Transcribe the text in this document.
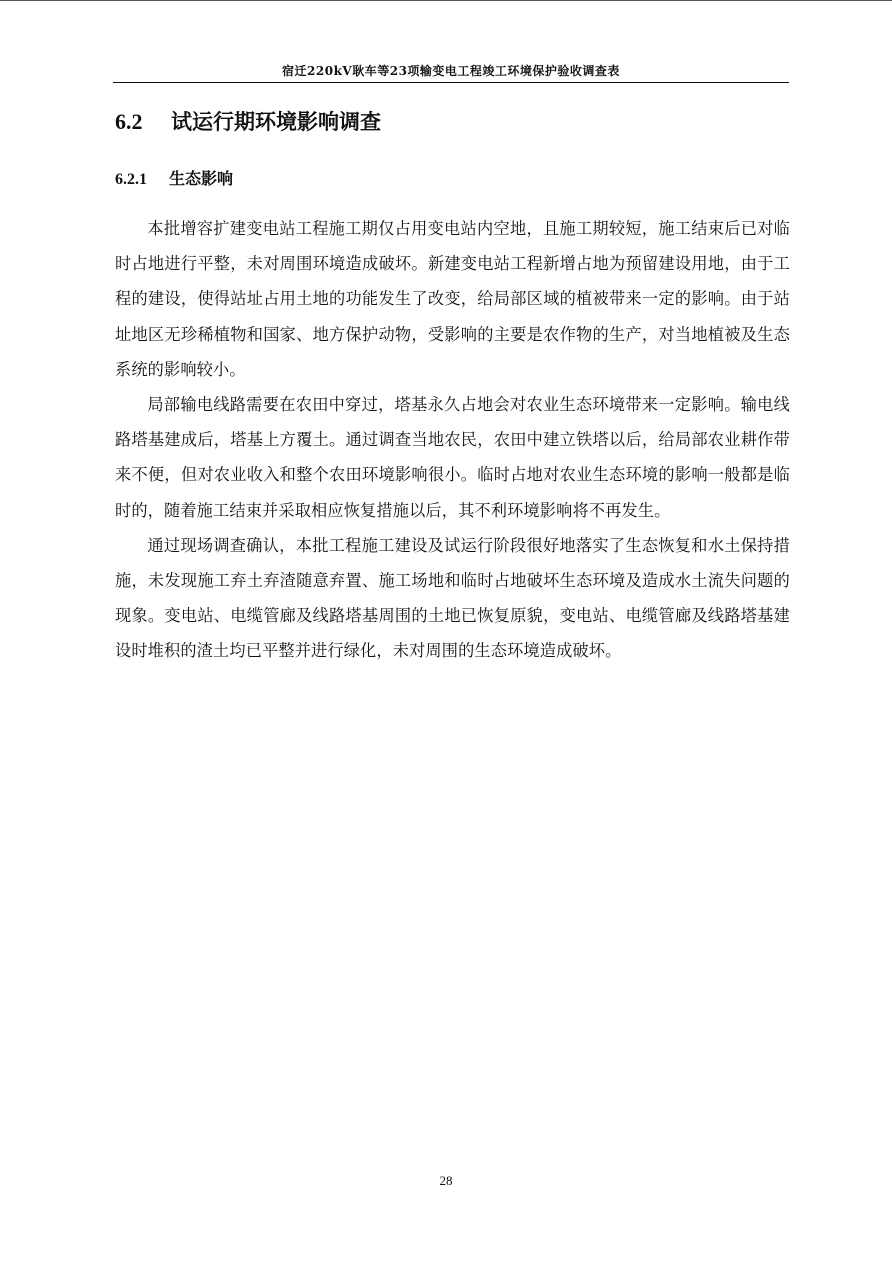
宿迁220kV耿车等23项输变电工程竣工环境保护验收调查表
6.2 试运行期环境影响调查
6.2.1 生态影响

本批增容扩建变电站工程施工期仅占用变电站内空地，且施工期较短，施工结束后已对临时占地进行平整，未对周围环境造成破坏。新建变电站工程新增占地为预留建设用地，由于工程的建设，使得站址占用土地的功能发生了改变，给局部区域的植被带来一定的影响。由于站址地区无珍稀植物和国家、地方保护动物，受影响的主要是农作物的生产，对当地植被及生态系统的影响较小。

局部输电线路需要在农田中穿过，塔基永久占地会对农业生态环境带来一定影响。输电线路塔基建成后，塔基上方覆土。通过调查当地农民，农田中建立铁塔以后，给局部农业耕作带来不便，但对农业收入和整个农田环境影响很小。临时占地对农业生态环境的影响一般都是临时的，随着施工结束并采取相应恢复措施以后，其不利环境影响将不再发生。

通过现场调查确认，本批工程施工建设及试运行阶段很好地落实了生态恢复和水土保持措施，未发现施工弃土弃渣随意弃置、施工场地和临时占地破坏生态环境及造成水土流失问题的现象。变电站、电缆管廊及线路塔基周围的土地已恢复原貌，变电站、电缆管廊及线路塔基建设时堆积的渣土均已平整并进行绿化，未对周围的生态环境造成破坏。

28
